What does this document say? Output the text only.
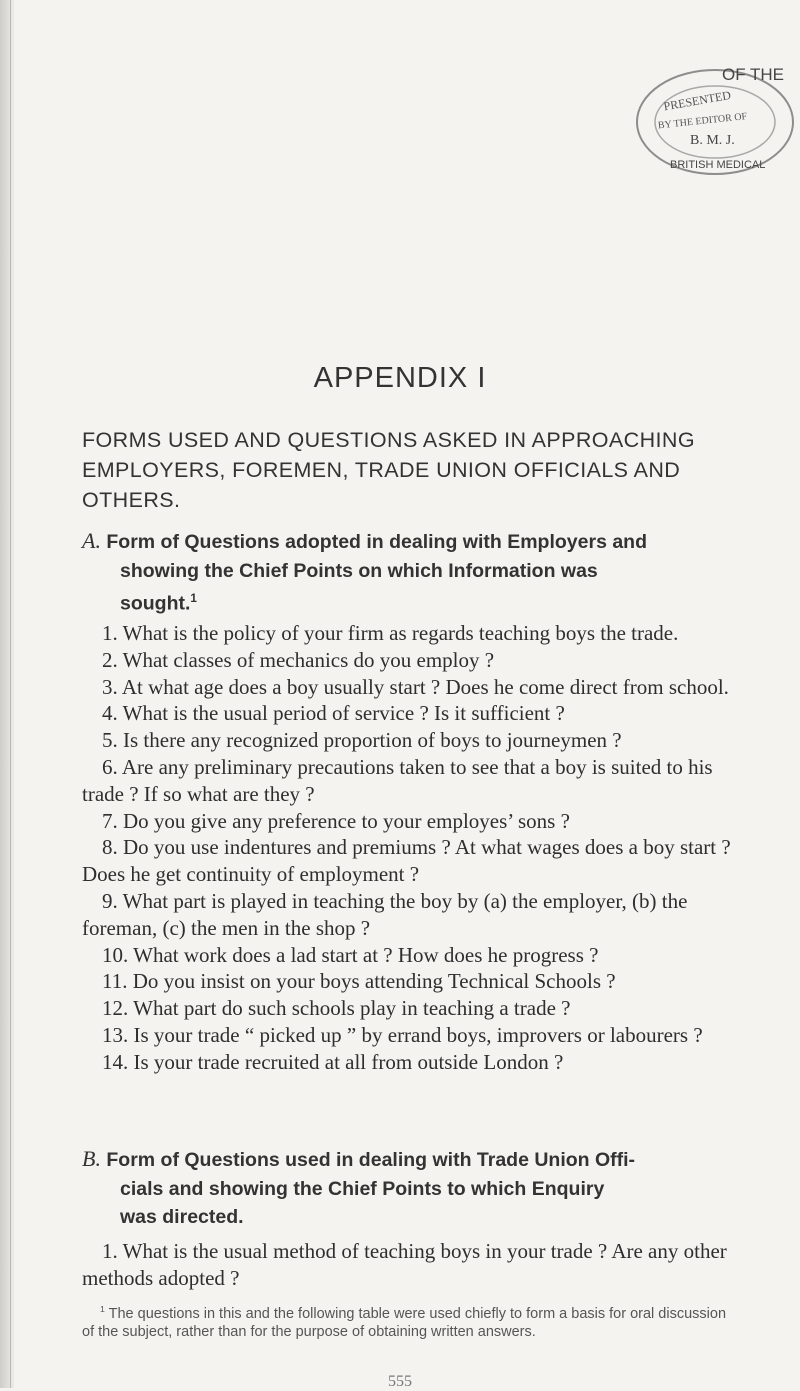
OF THE
PRESENTED
BY THE EDITOR OF
B. M. J.
BRITISH MEDICAL
APPENDIX I
FORMS USED AND QUESTIONS ASKED IN APPROACHING EMPLOYERS, FOREMEN, TRADE UNION OFFICIALS AND OTHERS.
A. Form of Questions adopted in dealing with Employers and
showing the Chief Points on which Information was
sought.$^1$

1. What is the policy of your firm as regards teaching boys the trade.

2. What classes of mechanics do you employ ?

3. At what age does a boy usually start ? Does he come direct from school.

4. What is the usual period of service ? Is it sufficient ?

5. Is there any recognized proportion of boys to journeymen ?

6. Are any preliminary precautions taken to see that a boy is suited to his trade ? If so what are they ?

7. Do you give any preference to your employes’ sons ?

8. Do you use indentures and premiums ? At what wages does a boy start ? Does he get continuity of employment ?

9. What part is played in teaching the boy by (a) the employer, (b) the foreman, (c) the men in the shop ?

10. What work does a lad start at ? How does he progress ?

11. Do you insist on your boys attending Technical Schools ?

12. What part do such schools play in teaching a trade ?

13. Is your trade “ picked up ” by errand boys, improvers or labourers ?

14. Is your trade recruited at all from outside London ?

B. Form of Questions used in dealing with Trade Union Offi-
cials and showing the Chief Points to which Enquiry
was directed.

1. What is the usual method of teaching boys in your trade ? Are any other methods adopted ?

$^1$ The questions in this and the following table were used chiefly to form a basis for oral discussion of the subject, rather than for the purpose of obtaining written answers.
555
